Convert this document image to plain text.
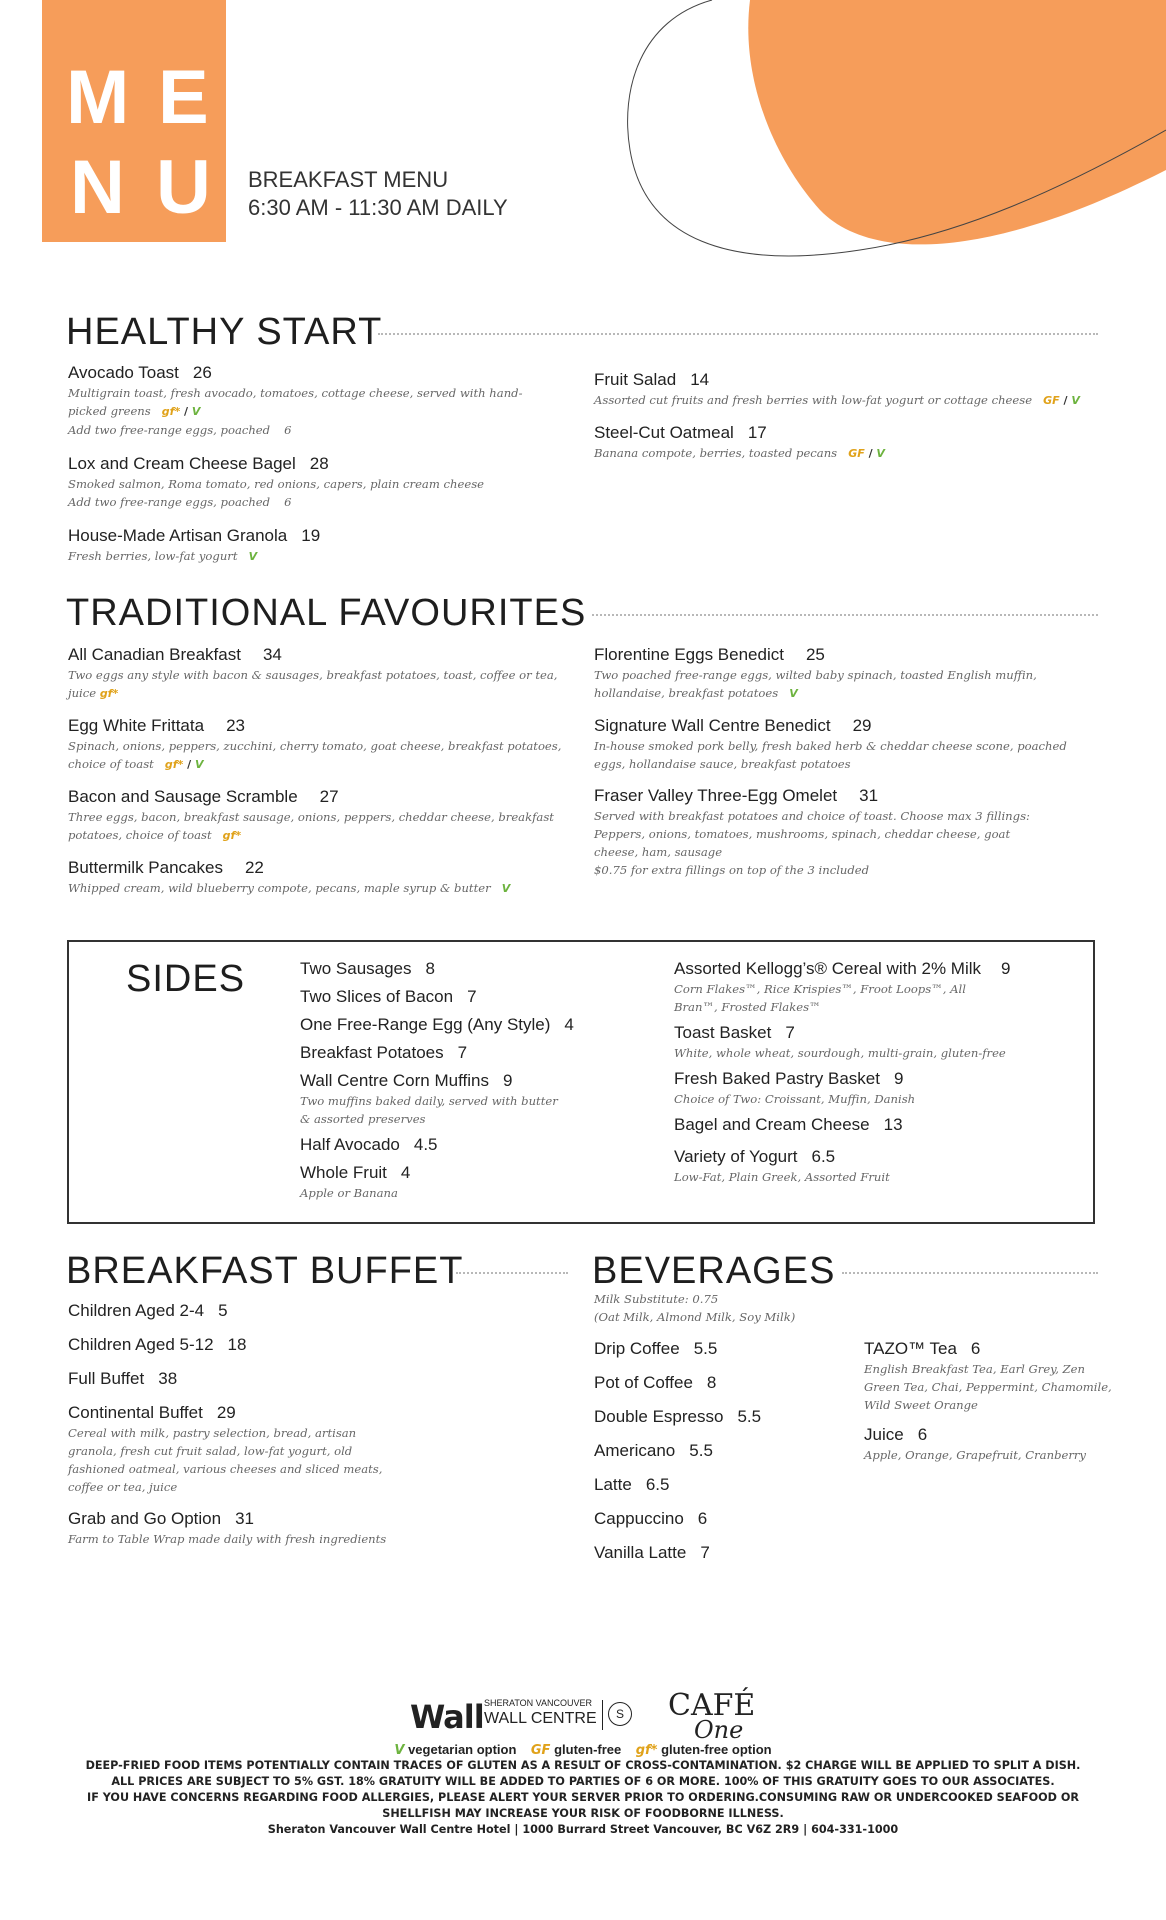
M E
N U BREAKFAST MENU
6:30 AM - 11:30 AM DAILY
HEALTHY START
Avocado Toast 26
Multigrain toast, fresh avocado, tomatoes, cottage cheese, served with hand-picked greens gf* / V
Add two free-range eggs, poached 6
Lox and Cream Cheese Bagel 28
Smoked salmon, Roma tomato, red onions, capers, plain cream cheese
Add two free-range eggs, poached 6
House-Made Artisan Granola 19
Fresh berries, low-fat yogurt V
Fruit Salad 14
Assorted cut fruits and fresh berries with low-fat yogurt or cottage cheese GF / V
Steel-Cut Oatmeal 17
Banana compote, berries, toasted pecans GF / V
TRADITIONAL FAVOURITES
All Canadian Breakfast 34
Two eggs any style with bacon & sausages, breakfast potatoes, toast, coffee or tea, juice gf*
Egg White Frittata 23
Spinach, onions, peppers, zucchini, cherry tomato, goat cheese, breakfast potatoes, choice of toast gf* / V
Bacon and Sausage Scramble 27
Three eggs, bacon, breakfast sausage, onions, peppers, cheddar cheese, breakfast potatoes, choice of toast gf*
Buttermilk Pancakes 22
Whipped cream, wild blueberry compote, pecans, maple syrup & butter V
Florentine Eggs Benedict 25
Two poached free-range eggs, wilted baby spinach, toasted English muffin, hollandaise, breakfast potatoes V
Signature Wall Centre Benedict 29
In-house smoked pork belly, fresh baked herb & cheddar cheese scone, poached eggs, hollandaise sauce, breakfast potatoes
Fraser Valley Three-Egg Omelet 31
Served with breakfast potatoes and choice of toast. Choose max 3 fillings: Peppers, onions, tomatoes, mushrooms, spinach, cheddar cheese, goat cheese, ham, sausage
$0.75 for extra fillings on top of the 3 included
SIDES	Two Sausages 8
Two Slices of Bacon 7
One Free-Range Egg (Any Style) 4
Breakfast Potatoes 7
Wall Centre Corn Muffins 9
Two muffins baked daily, served with butter & assorted preserves
Half Avocado 4.5
Whole Fruit 4
Apple or Banana
Assorted Kellogg’s® Cereal with 2% Milk 9
Corn Flakes™, Rice Krispies™, Froot Loops™, All Bran™, Frosted Flakes™
Toast Basket 7
White, whole wheat, sourdough, multi-grain, gluten-free
Fresh Baked Pastry Basket 9
Choice of Two: Croissant, Muffin, Danish
Bagel and Cream Cheese 13
Variety of Yogurt 6.5
Low-Fat, Plain Greek, Assorted Fruit
BREAKFAST BUFFET
Children Aged 2-4 5
Children Aged 5-12 18
Full Buffet 38
Continental Buffet 29
Cereal with milk, pastry selection, bread, artisan granola, fresh cut fruit salad, low-fat yogurt, old fashioned oatmeal, various cheeses and sliced meats, coffee or tea, juice
Grab and Go Option 31
Farm to Table Wrap made daily with fresh ingredients
BEVERAGES
Milk Substitute: 0.75
(Oat Milk, Almond Milk, Soy Milk)
Drip Coffee 5.5
Pot of Coffee 8
Double Espresso 5.5
Americano 5.5
Latte 6.5
Cappuccino 6
Vanilla Latte 7
TAZO™ Tea 6
English Breakfast Tea, Earl Grey, Zen Green Tea, Chai, Peppermint, Chamomile, Wild Sweet Orange
Juice 6
Apple, Orange, Grapefruit, Cranberry
Wall SHERATON VANCOUVER
WALL CENTRE	S CAFÉ
One
V vegetarian option GF gluten-free gf* gluten-free option
DEEP-FRIED FOOD ITEMS POTENTIALLY CONTAIN TRACES OF GLUTEN AS A RESULT OF CROSS-CONTAMINATION. $2 CHARGE WILL BE APPLIED TO SPLIT A DISH.
ALL PRICES ARE SUBJECT TO 5% GST. 18% GRATUITY WILL BE ADDED TO PARTIES OF 6 OR MORE. 100% OF THIS GRATUITY GOES TO OUR ASSOCIATES.
IF YOU HAVE CONCERNS REGARDING FOOD ALLERGIES, PLEASE ALERT YOUR SERVER PRIOR TO ORDERING.CONSUMING RAW OR UNDERCOOKED SEAFOOD OR
SHELLFISH MAY INCREASE YOUR RISK OF FOODBORNE ILLNESS.
Sheraton Vancouver Wall Centre Hotel | 1000 Burrard Street Vancouver, BC V6Z 2R9 | 604-331-1000
